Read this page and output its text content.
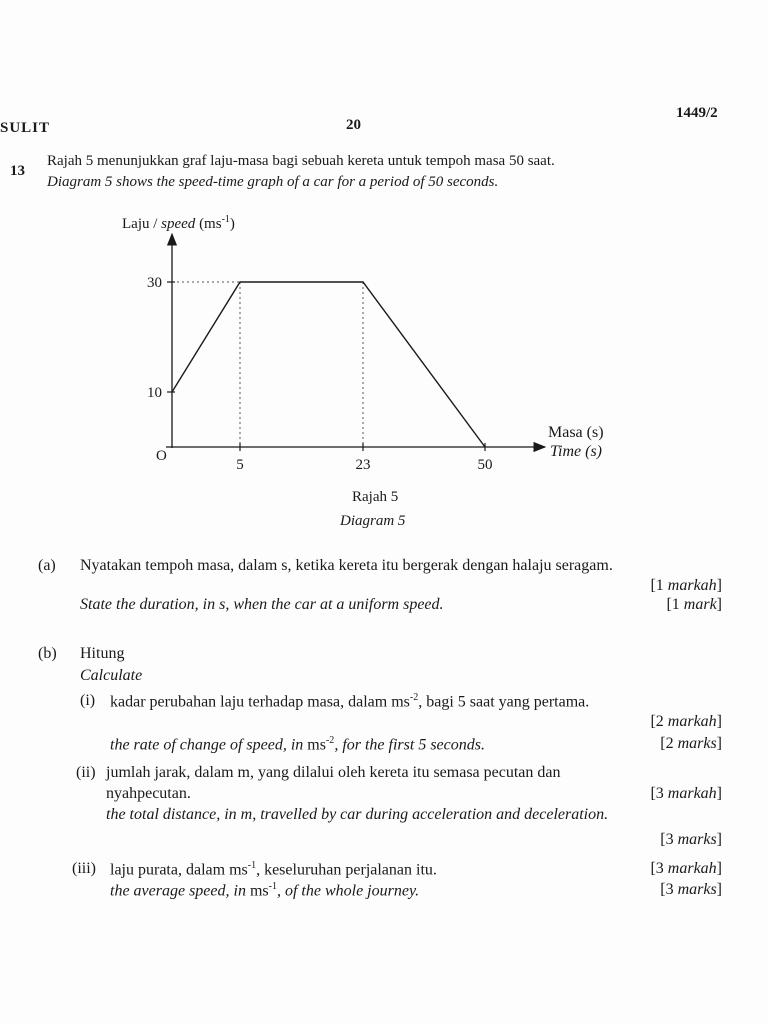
SULIT	20
1449/2
13
Rajah 5 menunjukkan graf laju-masa bagi sebuah kereta untuk tempoh masa 50 saat.
Diagram 5 shows the speed-time graph of a car for a period of 50 seconds.
Laju / speed $(ms^{-1})$
10
30
5	23	50
O
Masa (s)
Time (s)
Rajah 5
Diagram 5
(a) Nyatakan tempoh masa, dalam s, ketika kereta itu bergerak dengan halaju seragam.
[1 markah]
State the duration, in s, when the car at a uniform speed.	[1 mark]
(b) Hitung
Calculate
(i) kadar perubahan laju terhadap masa, dalam $ms^{-2}$, bagi 5 saat yang pertama.
[2 markah]
the rate of change of speed, in $ms^{-2}$, for the first 5 seconds.	[2 marks]
(ii) jumlah jarak, dalam m, yang dilalui oleh kereta itu semasa pecutan dan
nyahpecutan.	[3 markah]
the total distance, in m, travelled by car during acceleration and deceleration.
[3 marks]
(iii) laju purata, dalam $ms^{-1}$, keseluruhan perjalanan itu.	[3 markah]
the average speed, in $ms^{-1}$, of the whole journey.	[3 marks]
